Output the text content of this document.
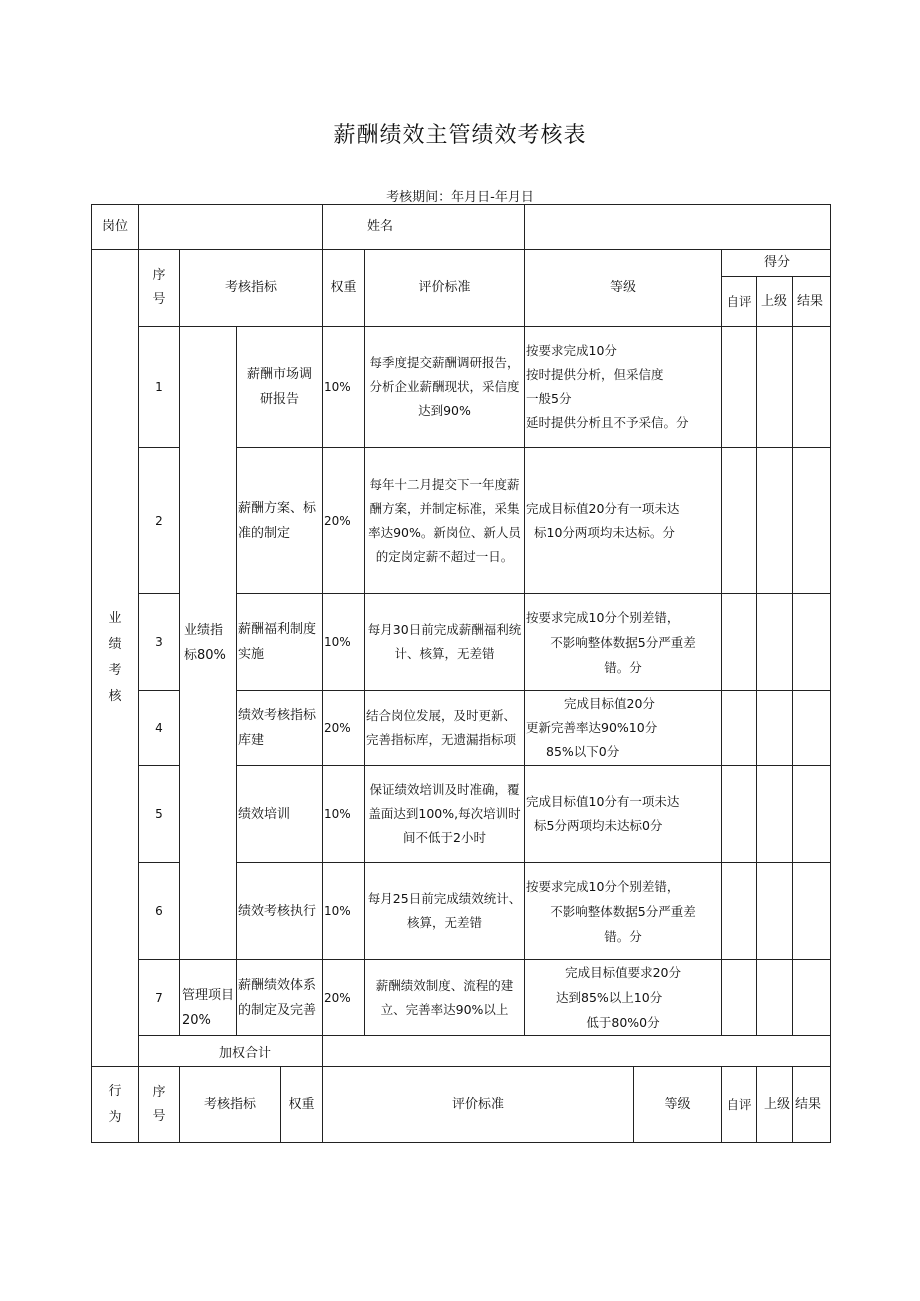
薪酬绩效主管绩效考核表
考核期间：年月日-年月日
岗位					姓名						
业绩考核	序号	考核指标			权重	评价标准	等级		得分		
									自评	上级	结果
	1	业绩指标80%	薪酬市场调研报告		10%	每季度提交薪酬调研报告，分析企业薪酬现状，采信度达到90%	按要求完成10分
按时提供分析，但采信度
一般5分
延时提供分析且不予采信。分				

	2		薪酬方案、标准的制定		20%	每年十二月提交下一年度薪酬方案，并制定标准，采集率达90%。新岗位、新人员的定岗定薪不超过一日。	完成目标值20分有一项未达
标10分两项均未达标。分				

	3		薪酬福利制度实施		10%	每月30日前完成薪酬福利统计、核算，无差错	按要求完成10分个别差错，
不影响整体数据5分严重差
错。分				

	4		绩效考核指标库建		20%	结合岗位发展，及时更新、完善指标库，无遗漏指标项	完成目标值20分
更新完善率达90%10分
85%以下0分				

	5		绩效培训		10%	保证绩效培训及时准确，覆盖面达到100%,每次培训时间不低于2小时	完成目标值10分有一项未达
标5分两项均未达标0分				

	6		绩效考核执行		10%	每月25日前完成绩效统计、核算，无差错	按要求完成10分个别差错，
不影响整体数据5分严重差
错。分				

	7	管理项目20%	薪酬绩效体系的制定及完善		20%	薪酬绩效制度、流程的建立、完善率达90%以上	完成目标值要求20分
达到85%以上10分
低于80%0分				

	加权合计										
行为	序号	考核指标		权重	评价标准			等级	自评	上级	结果
